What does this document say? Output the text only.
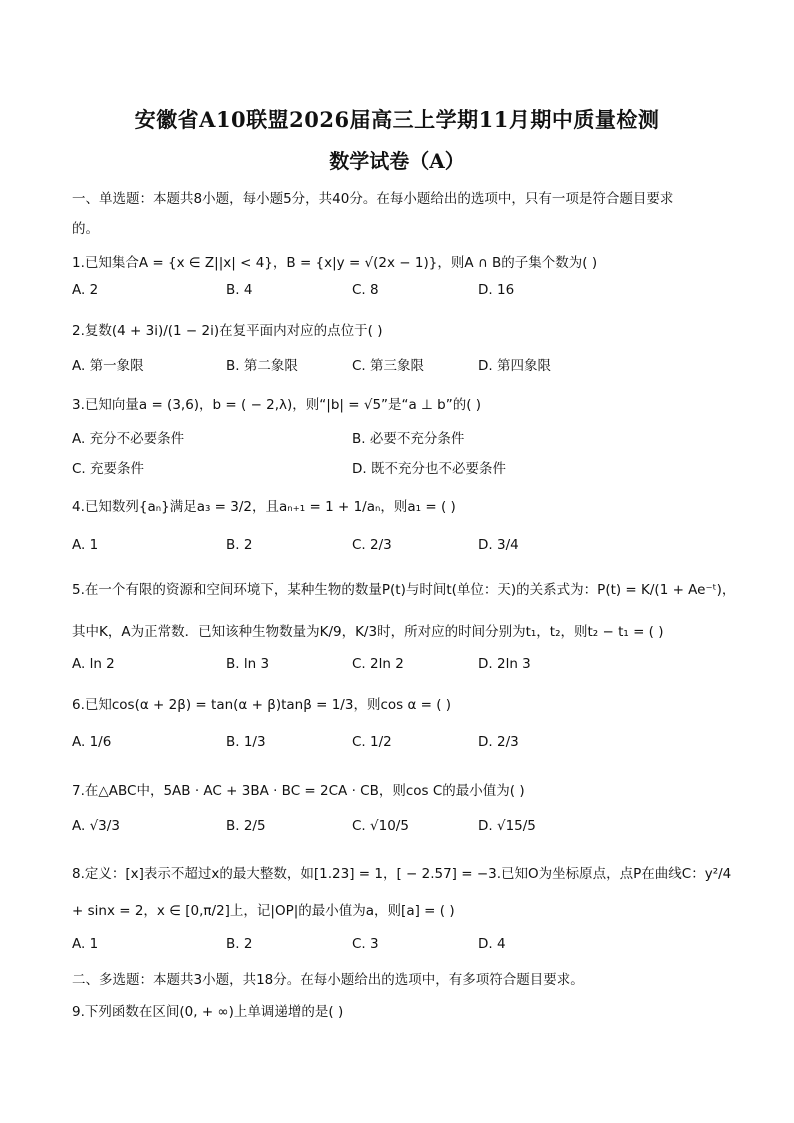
安徽省A10联盟2026届高三上学期11月期中质量检测
数学试卷（A）
一、单选题：本题共8小题，每小题5分，共40分。在每小题给出的选项中，只有一项是符合题目要求
的。
1.已知集合A = {x ∈ Z||x| < 4}，B = {x|y = √(2x − 1)}，则A ∩ B的子集个数为( )
A. 2	B. 4	C. 8	D. 16
2.复数(4 + 3i)/(1 − 2i)在复平面内对应的点位于( )
A. 第一象限	B. 第二象限	C. 第三象限	D. 第四象限
3.已知向量a = (3,6)，b = ( − 2,λ)，则“|b| = √5”是“a ⊥ b”的( )
A. 充分不必要条件	B. 必要不充分条件
C. 充要条件	D. 既不充分也不必要条件
4.已知数列{aₙ}满足a₃ = 3/2，且aₙ₊₁ = 1 + 1/aₙ，则a₁ = ( )
A. 1	B. 2	C. 2/3	D. 3/4
5.在一个有限的资源和空间环境下，某种生物的数量P(t)与时间t(单位：天)的关系式为：P(t) = K/(1 + Ae⁻ᵗ)，
其中K，A为正常数．已知该种生物数量为K/9，K/3时，所对应的时间分别为t₁，t₂，则t₂ − t₁ = ( )
A. ln 2	B. ln 3	C. 2ln 2	D. 2ln 3
6.已知cos(α + 2β) = tan(α + β)tanβ = 1/3，则cos α = ( )
A. 1/6	B. 1/3	C. 1/2	D. 2/3
7.在△ABC中，5AB · AC + 3BA · BC = 2CA · CB，则cos C的最小值为( )
A. √3/3	B. 2/5	C. √10/5	D. √15/5
8.定义：[x]表示不超过x的最大整数，如[1.23] = 1，[ − 2.57] = −3.已知O为坐标原点，点P在曲线C：y²/4
+ sinx = 2，x ∈ [0,π/2]上，记|OP|的最小值为a，则[a] = ( )
A. 1	B. 2	C. 3	D. 4
二、多选题：本题共3小题，共18分。在每小题给出的选项中，有多项符合题目要求。
9.下列函数在区间(0, + ∞)上单调递增的是( )
